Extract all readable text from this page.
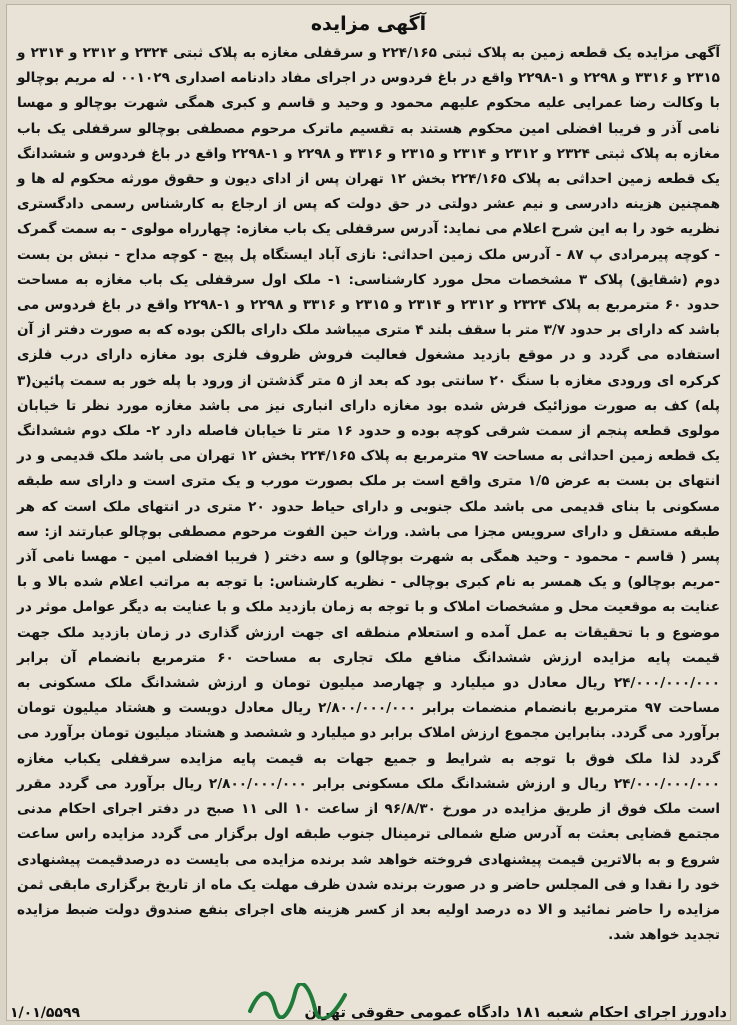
آگهی مزایده

آگهی مزایده یک قطعه زمین به پلاک ثبتی ۲۲۴/۱۶۵ و سرقفلی مغازه به پلاک ثبتی ۲۳۲۴ و ۲۳۱۲ و ۲۳۱۴ و ۲۳۱۵ و ۳۳۱۶ و ۲۲۹۸ و ۱-۲۲۹۸ واقع در باغ فردوس در اجرای مفاد دادنامه اصداری ۰۰۱۰۲۹ له مریم بوچالو با وکالت رضا عمرایی علیه محکوم علیهم محمود و وحید و قاسم و کبری همگی شهرت بوچالو و مهسا نامی آذر و فریبا افضلی امین محکوم هستند به تقسیم ماترک مرحوم مصطفی بوچالو سرقفلی یک باب مغازه به پلاک ثبتی ۲۳۲۴ و ۲۳۱۲ و ۲۳۱۴ و ۲۳۱۵ و ۳۳۱۶ و ۲۲۹۸ و ۱-۲۲۹۸ واقع در باغ فردوس و ششدانگ یک قطعه زمین احداثی به پلاک ۲۲۴/۱۶۵ بخش ۱۲ تهران پس از ادای دیون و حقوق مورثه محکوم له ها و همچنین هزینه دادرسی و نیم عشر دولتی در حق دولت که پس از ارجاع به کارشناس رسمی دادگستری نظریه خود را به این شرح اعلام می نماید: آدرس سرقفلی یک باب مغازه: چهارراه مولوی - به سمت گمرک - کوچه پیرمرادی پ ۸۷ - آدرس ملک زمین احداثی: نازی آباد ایستگاه پل پیچ - کوچه مداح - نبش بن بست دوم (شقایق) پلاک ۳ مشخصات محل مورد کارشناسی: ۱- ملک اول سرقفلی یک باب مغازه به مساحت حدود ۶۰ مترمربع به پلاک ۲۳۲۴ و ۲۳۱۲ و ۲۳۱۴ و ۲۳۱۵ و ۳۳۱۶ و ۲۲۹۸ و ۱-۲۲۹۸ واقع در باغ فردوس می باشد که دارای بر حدود ۳/۷ متر با سقف بلند ۴ متری میباشد ملک دارای بالکن بوده که به صورت دفتر از آن استفاده می گردد و در موقع بازدید مشغول فعالیت فروش ظروف فلزی بود مغازه دارای درب فلزی کرکره ای ورودی مغازه با سنگ ۲۰ سانتی بود که بعد از ۵ متر گذشتن از ورود با پله خور به سمت پائین(۳ پله) کف به صورت موزائیک فرش شده بود مغازه دارای انباری نیز می باشد مغازه مورد نظر تا خیابان مولوی قطعه پنجم از سمت شرقی کوچه بوده و حدود ۱۶ متر تا خیابان فاصله دارد ۲- ملک دوم ششدانگ یک قطعه زمین احداثی به مساحت ۹۷ مترمربع به پلاک ۲۲۴/۱۶۵ بخش ۱۲ تهران می باشد ملک قدیمی و در انتهای بن بست به عرض ۱/۵ متری واقع است بر ملک بصورت مورب و یک متری است و دارای سه طبقه مسکونی با بنای قدیمی می باشد ملک جنوبی و دارای حیاط حدود ۲۰ متری در انتهای ملک است که هر طبقه مستقل و دارای سرویس مجزا می باشد. وراث حین الفوت مرحوم مصطفی بوچالو عبارتند از: سه پسر ( قاسم - محمود - وحید همگی به شهرت بوچالو) و سه دختر ( فریبا افضلی امین - مهسا نامی آذر -مریم بوچالو) و یک همسر به نام کبری بوچالی - نظریه کارشناس: با توجه به مراتب اعلام شده بالا و با عنایت به موقعیت محل و مشخصات املاک و با توجه به زمان بازدید ملک و با عنایت به دیگر عوامل موثر در موضوع و با تحقیقات به عمل آمده و استعلام منطقه ای جهت ارزش گذاری در زمان بازدید ملک جهت قیمت پایه مزایده ارزش ششدانگ منافع ملک تجاری به مساحت ۶۰ مترمربع بانضمام آن برابر ۲۴/۰۰۰/۰۰۰/۰۰۰ ریال معادل دو میلیارد و چهارصد میلیون تومان و ارزش ششدانگ ملک مسکونی به مساحت ۹۷ مترمربع بانضمام منضمات برابر ۲/۸۰۰/۰۰۰/۰۰۰ ریال معادل دویست و هشتاد میلیون تومان برآورد می گردد. بنابراین مجموع ارزش املاک برابر دو میلیارد و ششصد و هشتاد میلیون تومان برآورد می گردد لذا ملک فوق با توجه به شرایط و جمیع جهات به قیمت پایه مزایده سرقفلی یکباب مغازه ۲۴/۰۰۰/۰۰۰/۰۰۰ ریال و ارزش ششدانگ ملک مسکونی برابر ۲/۸۰۰/۰۰۰/۰۰۰ ریال برآورد می گردد مقرر است ملک فوق از طریق مزایده در مورخ ۹۶/۸/۳۰ از ساعت ۱۰ الی ۱۱ صبح در دفتر اجرای احکام مدنی مجتمع قضایی بعثت به آدرس ضلع شمالی ترمینال جنوب طبقه اول برگزار می گردد مزایده راس ساعت شروع و به بالاترین قیمت پیشنهادی فروخته خواهد شد برنده مزایده می بایست ده درصدقیمت پیشنهادی خود را نقدا و فی المجلس حاضر و در صورت برنده شدن ظرف مهلت یک ماه از تاریخ برگزاری مابقی ثمن مزایده را حاضر نمائید و الا ده درصد اولیه بعد از کسر هزینه های اجرای بنفع صندوق دولت ضبط مزایده تجدید خواهد شد.

دادورز اجرای احکام شعبه ۱۸۱ دادگاه عمومی حقوقی تهران
۱/۰۱/۵۵۹۹
